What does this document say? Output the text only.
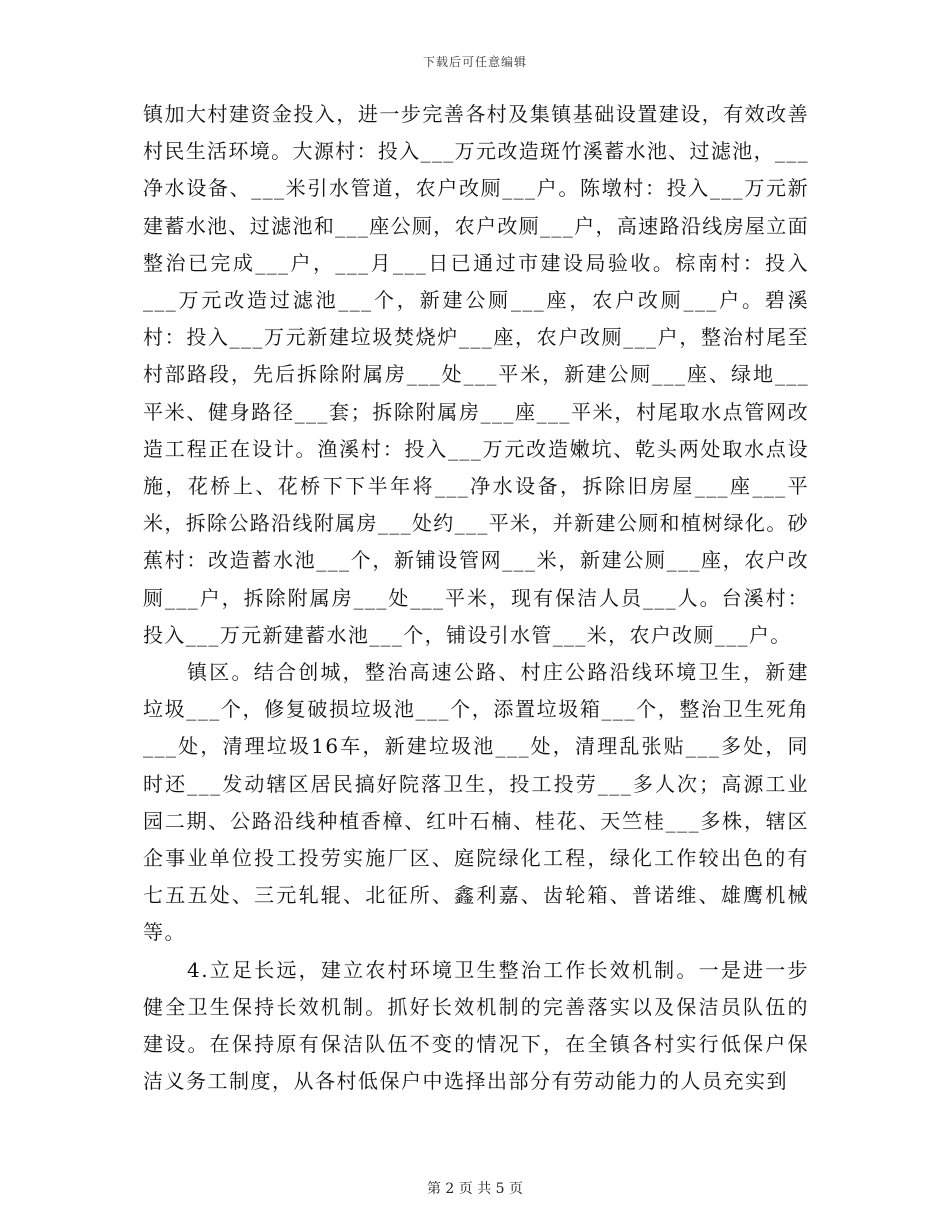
下载后可任意编辑

镇加大村建资金投入，进一步完善各村及集镇基础设置建设，有效改善村民生活环境。大源村：投入___万元改造斑竹溪蓄水池、过滤池，___净水设备、___米引水管道，农户改厕___户。陈墩村：投入___万元新建蓄水池、过滤池和___座公厕，农户改厕___户，高速路沿线房屋立面整治已完成___户，___月___日已通过市建设局验收。棕南村：投入___万元改造过滤池___个，新建公厕___座，农户改厕___户。碧溪村：投入___万元新建垃圾焚烧炉___座，农户改厕___户，整治村尾至村部路段，先后拆除附属房___处___平米，新建公厕___座、绿地___平米、健身路径___套；拆除附属房___座___平米，村尾取水点管网改造工程正在设计。渔溪村：投入___万元改造嫩坑、乾头两处取水点设施，花桥上、花桥下下半年将___净水设备，拆除旧房屋___座___平米，拆除公路沿线附属房___处约___平米，并新建公厕和植树绿化。砂蕉村：改造蓄水池___个，新铺设管网___米，新建公厕___座，农户改厕___户，拆除附属房___处___平米，现有保洁人员___人。台溪村：投入___万元新建蓄水池___个，铺设引水管___米，农户改厕___户。

镇区。结合创城，整治高速公路、村庄公路沿线环境卫生，新建垃圾___个，修复破损垃圾池___个，添置垃圾箱___个，整治卫生死角___处，清理垃圾16车，新建垃圾池___处，清理乱张贴___多处，同时还___发动辖区居民搞好院落卫生，投工投劳___多人次；高源工业园二期、公路沿线种植香樟、红叶石楠、桂花、天竺桂___多株，辖区企事业单位投工投劳实施厂区、庭院绿化工程，绿化工作较出色的有七五五处、三元轧辊、北征所、鑫利嘉、齿轮箱、普诺维、雄鹰机械等。

4.立足长远，建立农村环境卫生整治工作长效机制。一是进一步健全卫生保持长效机制。抓好长效机制的完善落实以及保洁员队伍的建设。在保持原有保洁队伍不变的情况下，在全镇各村实行低保户保洁义务工制度，从各村低保户中选择出部分有劳动能力的人员充实到

第 2 页 共 5 页
